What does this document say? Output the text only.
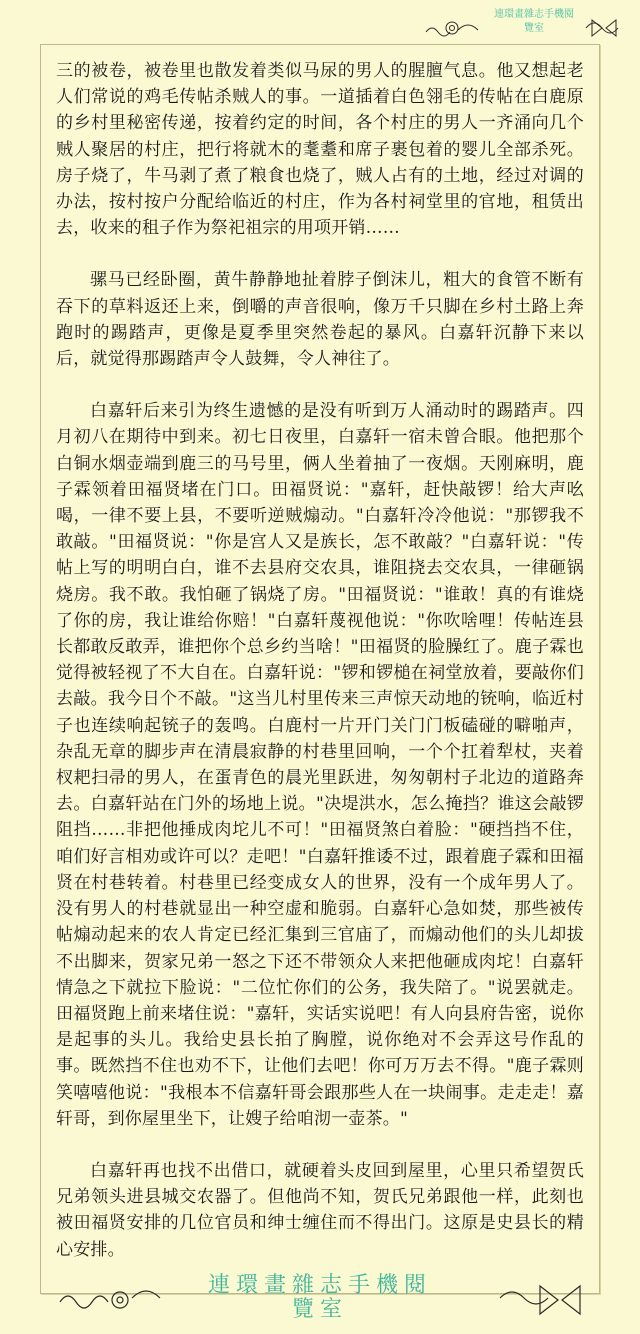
連環畫雜志手機閱
覽室

三的被卷，被卷里也散发着类似马尿的男人的腥膻气息。他又想起老人们常说的鸡毛传帖杀贼人的事。一道插着白色翎毛的传帖在白鹿原的乡村里秘密传递，按着约定的时间，各个村庄的男人一齐涌向几个贼人聚居的村庄，把行将就木的耄耋和席子裹包着的婴儿全部杀死。房子烧了，牛马剥了煮了粮食也烧了，贼人占有的土地，经过对调的办法，按村按户分配给临近的村庄，作为各村祠堂里的官地，租赁出去，收来的租子作为祭祀祖宗的用项开销……

骡马已经卧圈，黄牛静静地扯着脖子倒沫儿，粗大的食管不断有吞下的草料返还上来，倒嚼的声音很响，像万千只脚在乡村土路上奔跑时的踢踏声，更像是夏季里突然卷起的暴风。白嘉轩沉静下来以后，就觉得那踢踏声令人鼓舞，令人神往了。

白嘉轩后来引为终生遗憾的是没有听到万人涌动时的踢踏声。四月初八在期待中到来。初七日夜里，白嘉轩一宿未曾合眼。他把那个白铜水烟壶端到鹿三的马号里，俩人坐着抽了一夜烟。天刚麻明，鹿子霖领着田福贤堵在门口。田福贤说："嘉轩，赶快敲锣！给大声吆喝，一律不要上县，不要听逆贼煽动。"白嘉轩冷冷他说："那锣我不敢敲。"田福贤说："你是宫人又是族长，怎不敢敲？"白嘉轩说："传帖上写的明明白白，谁不去县府交农具，谁阻挠去交农具，一律砸锅烧房。我不敢。我怕砸了锅烧了房。"田福贤说："谁敢！真的有谁烧了你的房，我让谁给你赔！"白嘉轩蔑视他说："你吹啥哩！传帖连县长都敢反敢弄，谁把你个总乡约当啥！"田福贤的脸臊红了。鹿子霖也觉得被轻视了不大自在。白嘉轩说："锣和锣槌在祠堂放着，要敲你们去敲。我今日个不敲。"这当儿村里传来三声惊天动地的铳响，临近村子也连续响起铳子的轰鸣。白鹿村一片开门关门门板磕碰的噼啪声，杂乱无章的脚步声在清晨寂静的村巷里回响，一个个扛着犁杖，夹着杈耙扫帚的男人，在蛋青色的晨光里跃进，匆匆朝村子北边的道路奔去。白嘉轩站在门外的场地上说。"决堤洪水，怎么掩挡？谁这会敲锣阻挡……非把他捶成肉坨儿不可！"田福贤煞白着脸："硬挡挡不住，咱们好言相劝或许可以？走吧！"白嘉轩推诿不过，跟着鹿子霖和田福贤在村巷转着。村巷里已经变成女人的世界，没有一个成年男人了。没有男人的村巷就显出一种空虚和脆弱。白嘉轩心急如焚，那些被传帖煽动起来的农人肯定已经汇集到三官庙了，而煽动他们的头儿却拔不出脚来，贺家兄弟一怒之下还不带领众人来把他砸成肉坨！白嘉轩情急之下就拉下脸说："二位忙你们的公务，我失陪了。"说罢就走。田福贤跑上前来堵住说："嘉轩，实话实说吧！有人向县府告密，说你是起事的头儿。我给史县长拍了胸膛，说你绝对不会弄这号作乱的事。既然挡不住也劝不下，让他们去吧！你可万万去不得。"鹿子霖则笑嘻嘻他说："我根本不信嘉轩哥会跟那些人在一块闹事。走走走！嘉轩哥，到你屋里坐下，让嫂子给咱沏一壶茶。"

白嘉轩再也找不出借口，就硬着头皮回到屋里，心里只希望贺氏兄弟领头进县城交农器了。但他尚不知，贺氏兄弟跟他一样，此刻也被田福贤安排的几位官员和绅士缠住而不得出门。这原是史县长的精心安排。

連環畫雜志手機閱
覽室
